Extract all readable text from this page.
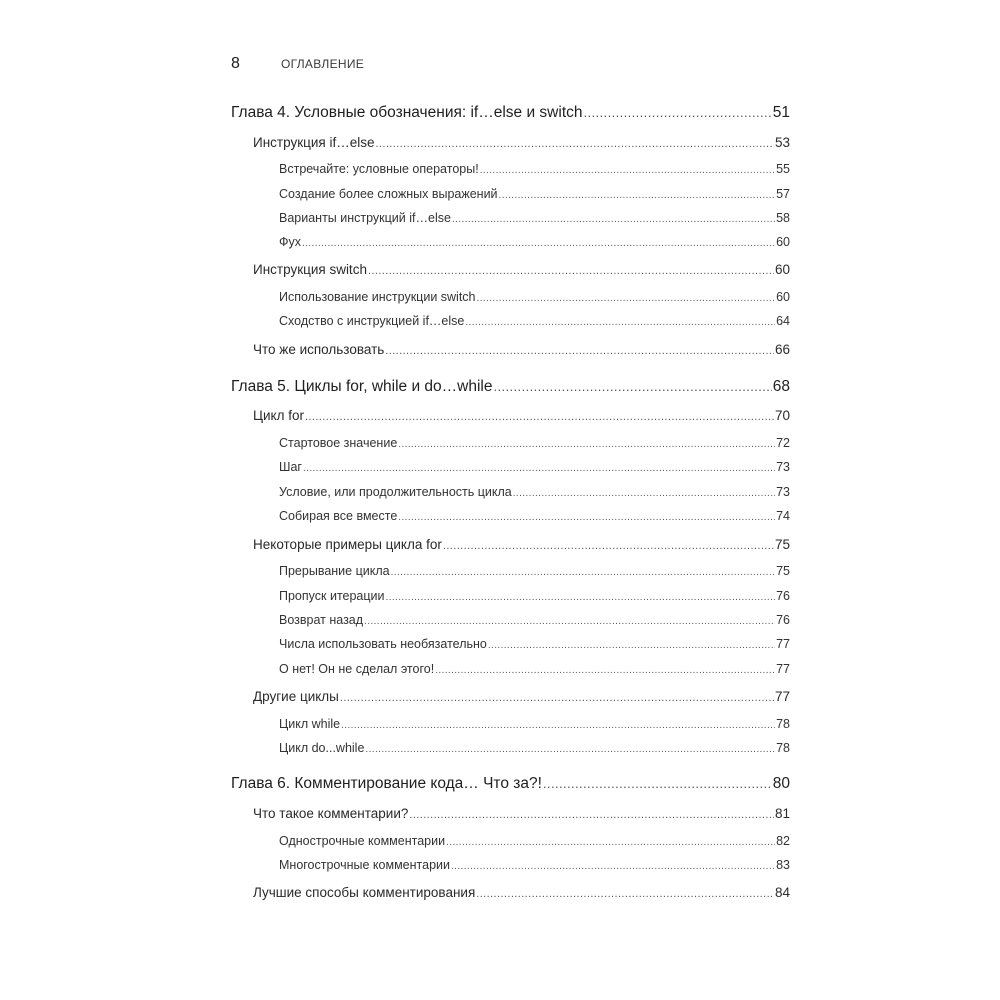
8	ОГЛАВЛЕНИЕ
Глава 4. Условные обозначения: if…else и switch .....	51
Инструкция if…else .....	53
Встречайте: условные операторы! .....	55
Создание более сложных выражений .....	57
Варианты инструкций if…else .....	58
Фух .....	60
Инструкция switch .....	60
Использование инструкции switch .....	60
Сходство с инструкцией if…else .....	64
Что же использовать .....	66
Глава 5. Циклы for, while и do…while .....	68
Цикл for .....	70
Стартовое значение .....	72
Шаг .....	73
Условие, или продолжительность цикла .....	73
Собирая все вместе .....	74
Некоторые примеры цикла for .....	75
Прерывание цикла .....	75
Пропуск итерации .....	76
Возврат назад .....	76
Числа использовать необязательно .....	77
О нет! Он не сделал этого! .....	77
Другие циклы .....	77
Цикл while .....	78
Цикл do...while .....	78
Глава 6. Комментирование кода… Что за?! .....	80
Что такое комментарии? .....	81
Однострочные комментарии .....	82
Многострочные комментарии .....	83
Лучшие способы комментирования .....	84
